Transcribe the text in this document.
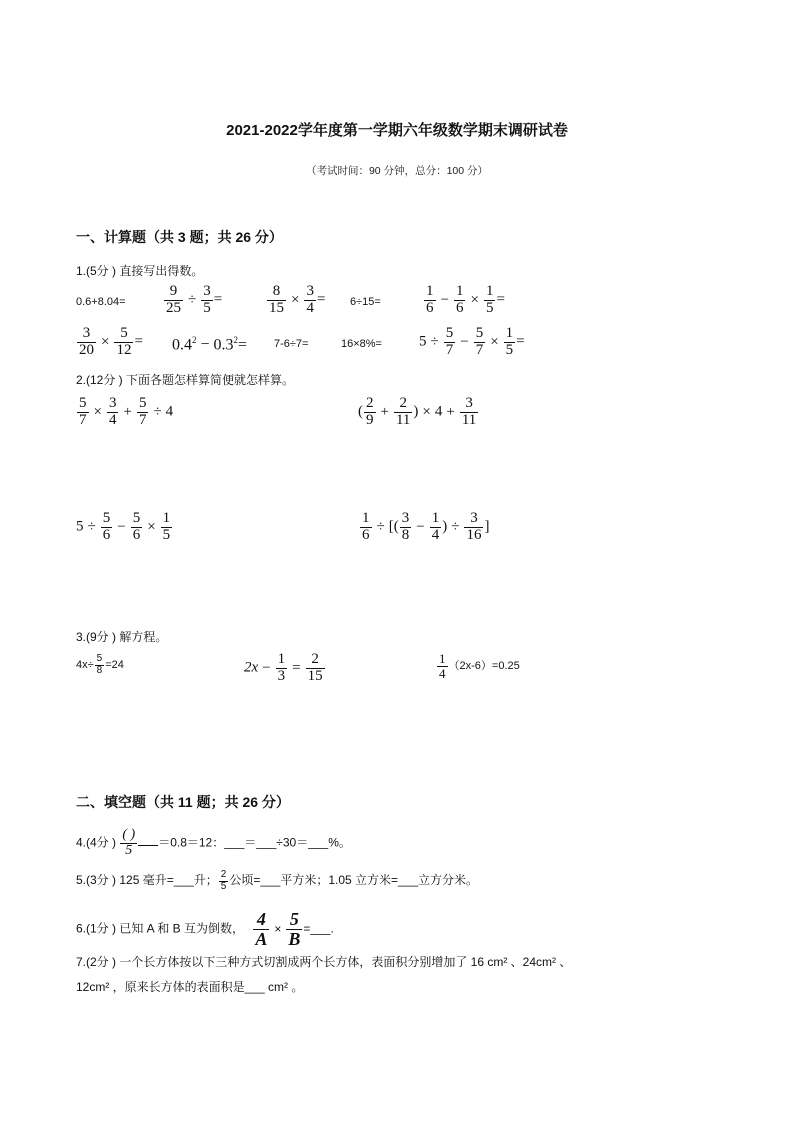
2021-2022学年度第一学期六年级数学期末调研试卷
（考试时间：90 分钟，总分：100 分）
一、计算题（共 3 题；共 26 分）
1.(5分 ) 直接写出得数。
0.6+8.04=	$\frac{9}{25} \div \frac{3}{5}$ =	$\frac{8}{15} \times \frac{3}{4} = 6\div 15=$	$\frac{1}{6} - \frac{1}{6} \times \frac{1}{5}$ =
$\frac{3}{20} \times \frac{5}{12} = 0.4^2 - 0.3^2= 7-6\div 7=$	$16\times 8\%= 5 \div \frac{5}{7} - \frac{5}{7} \times \frac{1}{5}$ =
2.(12分 ) 下面各题怎样算简便就怎样算。
$\frac{5}{7} \times \frac{3}{4} + \frac{5}{7} \div 4$	( $\frac{2}{9} + \frac{2}{11}$ ) × $4 + \frac{3}{11}$
$5 \div \frac{5}{6} - \frac{5}{6} \times \frac{1}{5}$	$\frac{1}{6}$ ÷ [( $\frac{3}{8} - \frac{1}{4}$ ) ÷ $\frac{3}{16}$ ]
3.(9分 ) 解方程。
$4x\div \frac{5}{8} =24$	$2x - \frac{1}{3} = \frac{2}{15}$	$\frac{1}{4} (2x-6)=0.25$
二、填空题（共 11 题；共 26 分）
4.(4分 )
( )
5
＝0.8＝12：___＝___÷30＝___%。
5.(3分 ) 125 毫升=___升； $\frac{2}{5}$ 公顷=___平方米；1.05 立方米=___立方分米。
6.(1分 ) 已知 A 和 B 互为倒数， $\frac{4}{A} \times \frac{5}{B}$ =___.
7.(2分 ) 一个长方体按以下三种方式切割成两个长方体，表面积分别增加了 16 cm² 、24cm² 、
12cm² ，原来长方体的表面积是___ cm² 。
